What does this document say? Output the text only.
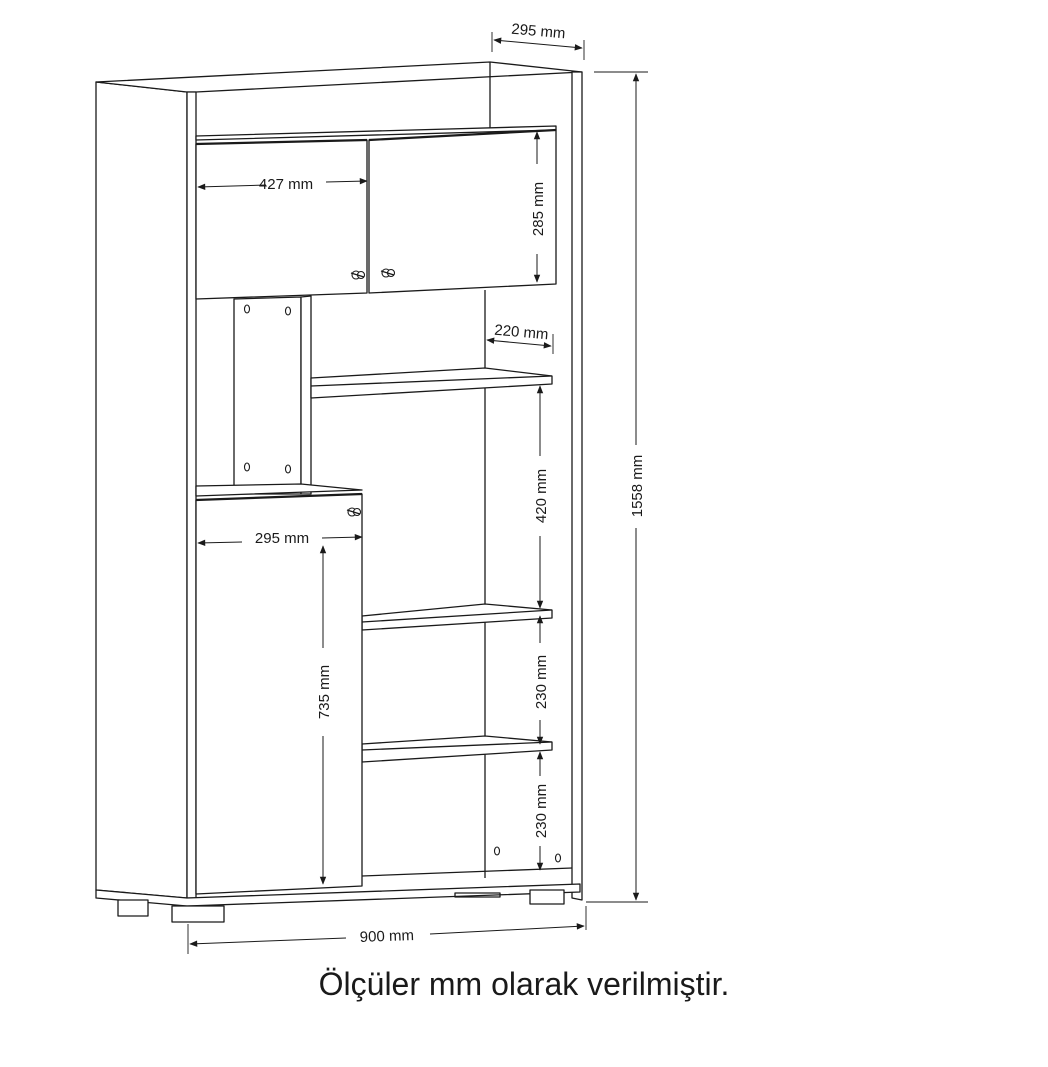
295 mm
427 mm	285 mm
220 mm
1558 mm
420 mm
295 mm
230 mm
735 mm
230 mm
900 mm
Ölçüler mm olarak verilmiştir.
